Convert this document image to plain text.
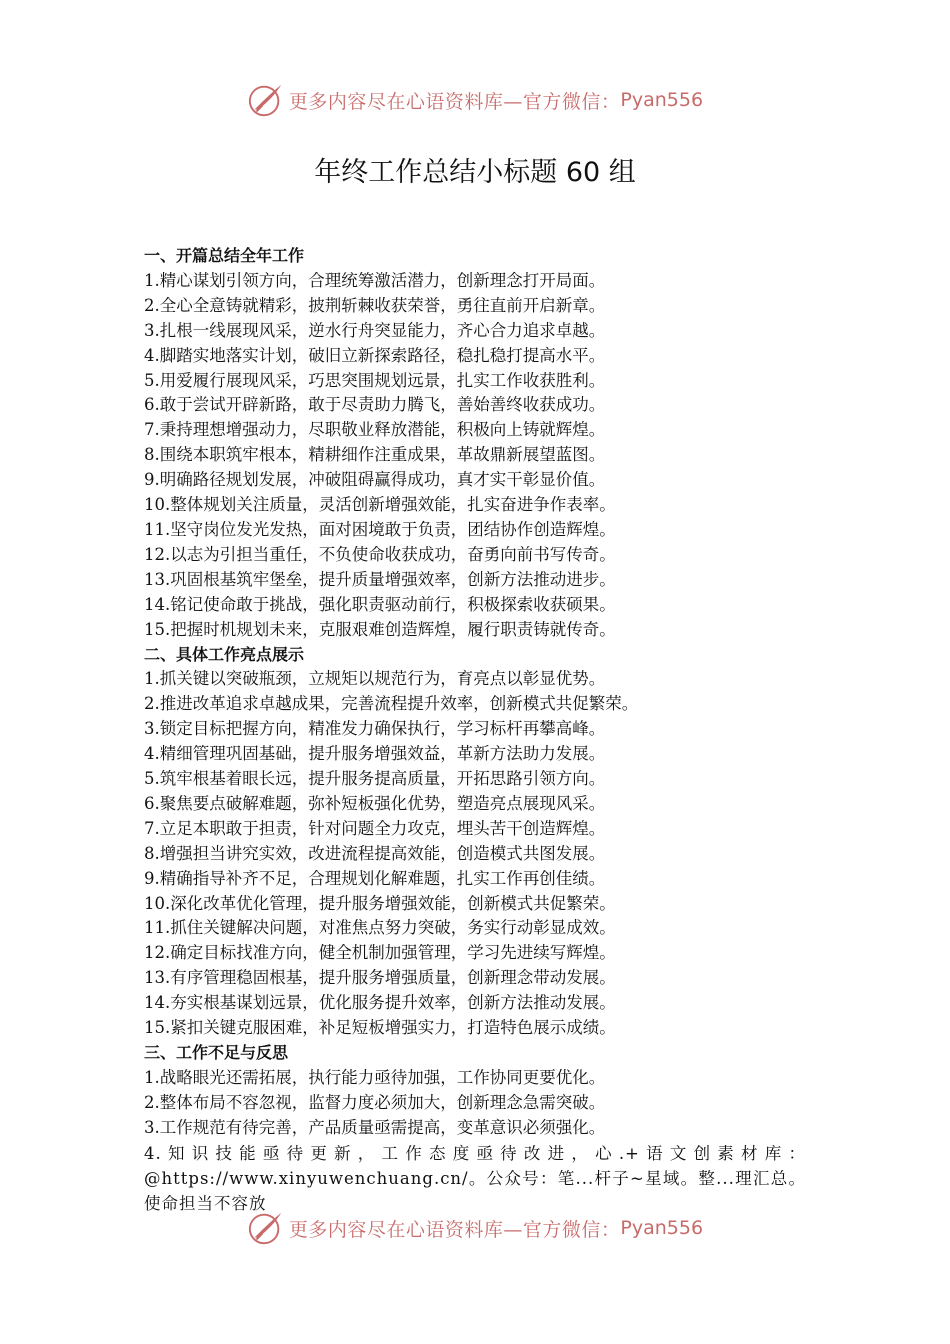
更多内容尽在心语资料库—官方微信： Pyan556
年终工作总结小标题 60 组
一、开篇总结全年工作
1.精心谋划引领方向，合理统筹激活潜力，创新理念打开局面。
2.全心全意铸就精彩，披荆斩棘收获荣誉，勇往直前开启新章。
3.扎根一线展现风采，逆水行舟突显能力，齐心合力追求卓越。
4.脚踏实地落实计划，破旧立新探索路径，稳扎稳打提高水平。
5.用爱履行展现风采，巧思突围规划远景，扎实工作收获胜利。
6.敢于尝试开辟新路，敢于尽责助力腾飞，善始善终收获成功。
7.秉持理想增强动力，尽职敬业释放潜能，积极向上铸就辉煌。
8.围绕本职筑牢根本，精耕细作注重成果，革故鼎新展望蓝图。
9.明确路径规划发展，冲破阻碍赢得成功，真才实干彰显价值。
10.整体规划关注质量，灵活创新增强效能，扎实奋进争作表率。
11.坚守岗位发光发热，面对困境敢于负责，团结协作创造辉煌。
12.以志为引担当重任，不负使命收获成功，奋勇向前书写传奇。
13.巩固根基筑牢堡垒，提升质量增强效率，创新方法推动进步。
14.铭记使命敢于挑战，强化职责驱动前行，积极探索收获硕果。
15.把握时机规划未来，克服艰难创造辉煌，履行职责铸就传奇。
二、具体工作亮点展示
1.抓关键以突破瓶颈，立规矩以规范行为，育亮点以彰显优势。
2.推进改革追求卓越成果，完善流程提升效率，创新模式共促繁荣。
3.锁定目标把握方向，精准发力确保执行，学习标杆再攀高峰。
4.精细管理巩固基础，提升服务增强效益，革新方法助力发展。
5.筑牢根基着眼长远，提升服务提高质量，开拓思路引领方向。
6.聚焦要点破解难题，弥补短板强化优势，塑造亮点展现风采。
7.立足本职敢于担责，针对问题全力攻克，埋头苦干创造辉煌。
8.增强担当讲究实效，改进流程提高效能，创造模式共图发展。
9.精确指导补齐不足，合理规划化解难题，扎实工作再创佳绩。
10.深化改革优化管理，提升服务增强效能，创新模式共促繁荣。
11.抓住关键解决问题，对准焦点努力突破，务实行动彰显成效。
12.确定目标找准方向，健全机制加强管理，学习先进续写辉煌。
13.有序管理稳固根基，提升服务增强质量，创新理念带动发展。
14.夯实根基谋划远景，优化服务提升效率，创新方法推动发展。
15.紧扣关键克服困难，补足短板增强实力，打造特色展示成绩。
三、工作不足与反思
1.战略眼光还需拓展，执行能力亟待加强，工作协同更要优化。
2.整体布局不容忽视，监督力度必须加大，创新理念急需突破。
3.工作规范有待完善，产品质量亟需提高，变革意识必须强化。
4.知识技能亟待更新，工作态度亟待改进，心.+语文创素材库：@https://www.xinyuwenchuang.cn/。公众号：笔...杆子~星域。整...理汇总。使命担当不容放
更多内容尽在心语资料库—官方微信： Pyan556
